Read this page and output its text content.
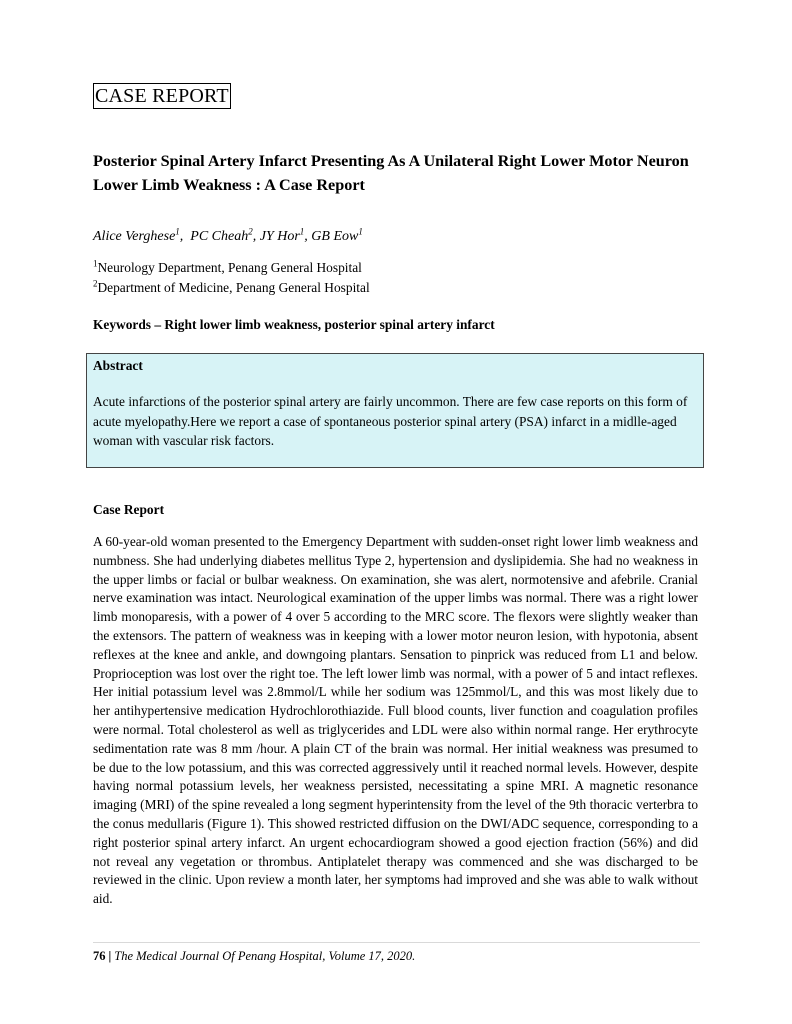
CASE REPORT
Posterior Spinal Artery Infarct Presenting As A Unilateral Right Lower Motor Neuron Lower Limb Weakness : A Case Report
Alice Verghese$^1$,  PC Cheah$^2$, JY Hor$^1$, GB Eow$^1$
$^1$Neurology Department, Penang General Hospital
$^2$Department of Medicine, Penang General Hospital
Keywords – Right lower limb weakness, posterior spinal artery infarct
Abstract
Acute infarctions of the posterior spinal artery are fairly uncommon. There are few case reports on this form of acute myelopathy.Here we report a case of spontaneous posterior spinal artery (PSA) infarct in a midlle-aged woman with vascular risk factors.
Case Report
A 60-year-old woman presented to the Emergency Department with sudden-onset right lower limb weakness and numbness. She had underlying diabetes mellitus Type 2, hypertension and dyslipidemia. She had no weakness in the upper limbs or facial or bulbar weakness. On examination, she was alert, normotensive and afebrile. Cranial nerve examination was intact. Neurological examination of the upper limbs was normal. There was a right lower limb monoparesis, with a power of 4 over 5 according to the MRC score. The flexors were slightly weaker than the extensors. The pattern of weakness was in keeping with a lower motor neuron lesion, with hypotonia, absent reflexes at the knee and ankle, and downgoing plantars. Sensation to pinprick was reduced from L1 and below. Proprioception was lost over the right toe. The left lower limb was normal, with a power of 5 and intact reflexes. Her initial potassium level was 2.8mmol/L while her sodium was 125mmol/L, and this was most likely due to her antihypertensive medication Hydrochlorothiazide. Full blood counts, liver function and coagulation profiles were normal. Total cholesterol as well as triglycerides and LDL were also within normal range. Her erythrocyte sedimentation rate was 8 mm /hour. A plain CT of the brain was normal. Her initial weakness was presumed to be due to the low potassium, and this was corrected aggressively until it reached normal levels. However, despite having normal potassium levels, her weakness persisted, necessitating a spine MRI. A magnetic resonance imaging (MRI) of the spine revealed a long segment hyperintensity from the level of the 9th thoracic verterbra to the conus medullaris (Figure 1). This showed restricted diffusion on the DWI/ADC sequence, corresponding to a right posterior spinal artery infarct. An urgent echocardiogram showed a good ejection fraction (56%) and did not reveal any vegetation or thrombus. Antiplatelet therapy was commenced and she was discharged to be reviewed in the clinic. Upon review a month later, her symptoms had improved and she was able to walk without aid.
76 | The Medical Journal Of Penang Hospital, Volume 17, 2020.
